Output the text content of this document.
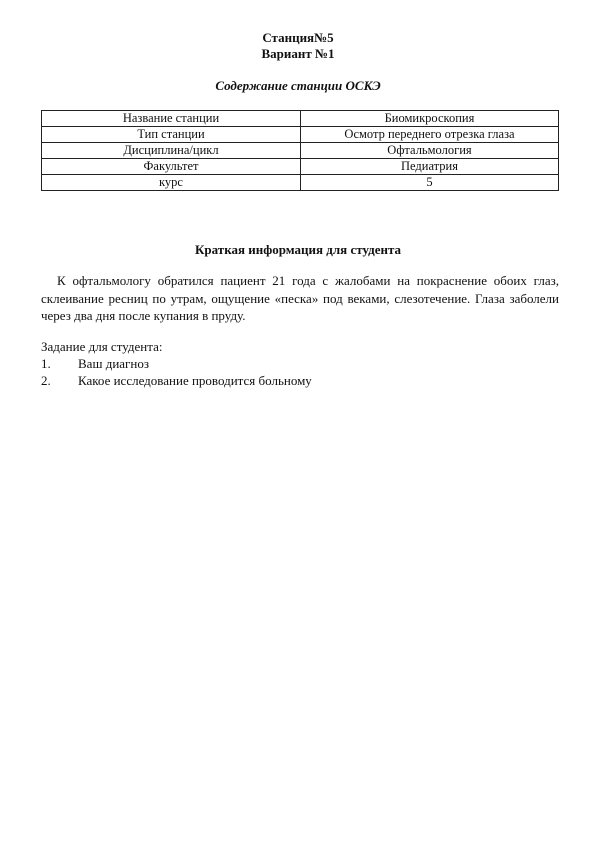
Станция№5
Вариант №1
Содержание станции ОСКЭ
Название станции	Биомикроскопия
Тип станции	Осмотр переднего отрезка глаза
Дисциплина/цикл	Офтальмология
Факультет	Педиатрия
курс	5
Краткая информация для студента
К офтальмологу обратился пациент 21 года с жалобами на покраснение обоих глаз, склеивание ресниц по утрам, ощущение «песка» под веками, слезотечение. Глаза заболели через два дня после купания в пруду.
Задание для студента:
1. Ваш диагноз
2. Какое исследование проводится больному
